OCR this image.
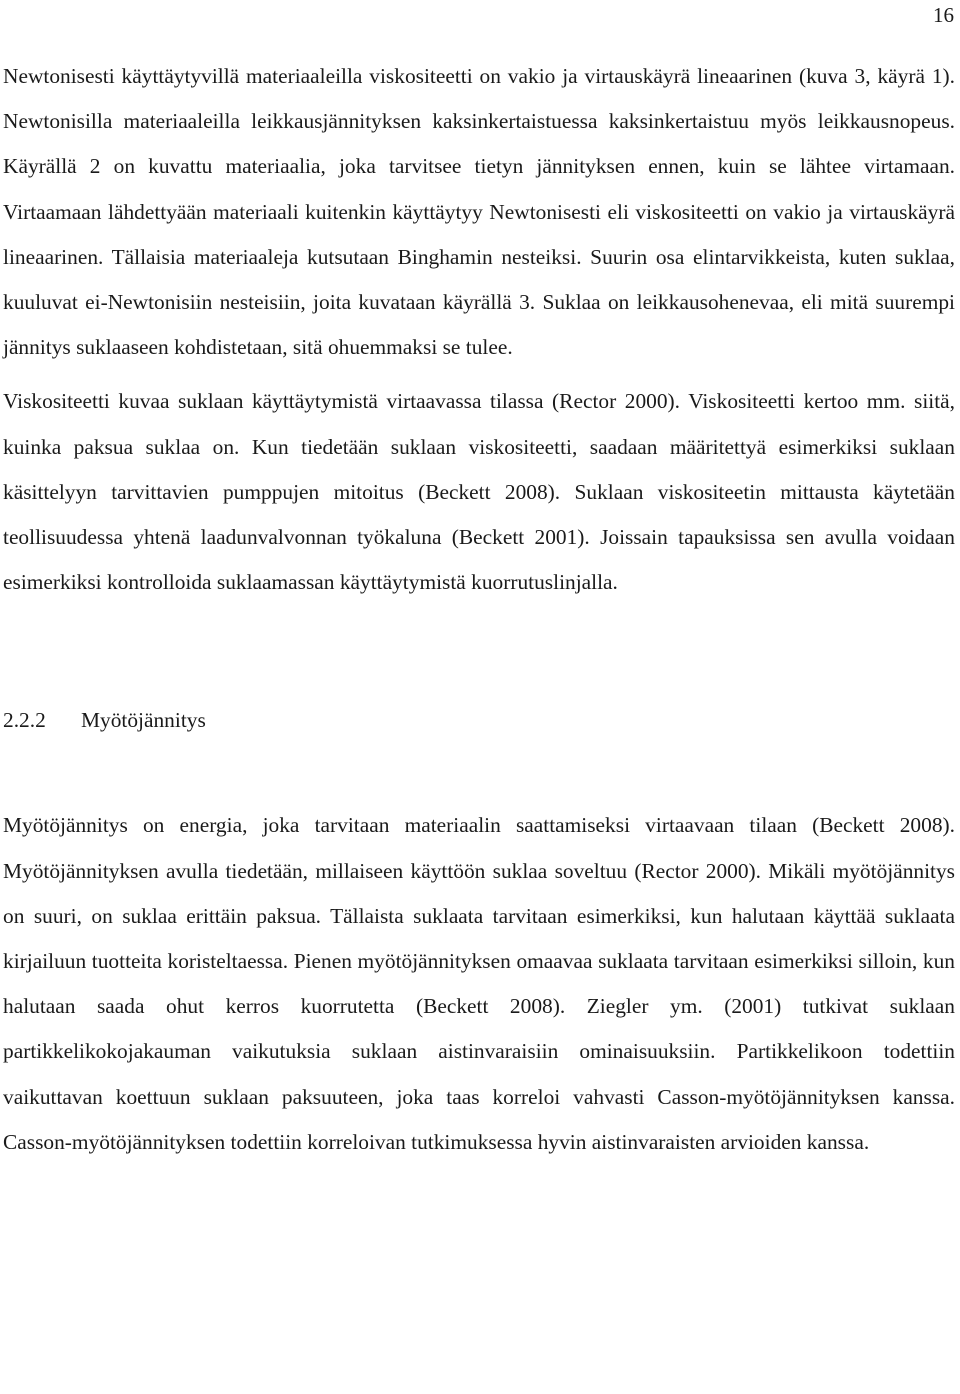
16

Newtonisesti käyttäytyvillä materiaaleilla viskositeetti on vakio ja virtauskäyrä lineaarinen (kuva 3, käyrä 1). Newtonisilla materiaaleilla leikkausjännityksen kaksinkertaistuessa kaksinkertaistuu myös leikkausnopeus. Käyrällä 2 on kuvattu materiaalia, joka tarvitsee tietyn jännityksen ennen, kuin se lähtee virtamaan. Virtaamaan lähdettyään materiaali kuitenkin käyttäytyy Newtonisesti eli viskositeetti on vakio ja virtauskäyrä lineaarinen. Tällaisia materiaaleja kutsutaan Binghamin nesteiksi. Suurin osa elintarvikkeista, kuten suklaa, kuuluvat ei-Newtonisiin nesteisiin, joita kuvataan käyrällä 3. Suklaa on leikkausohenevaa, eli mitä suurempi jännitys suklaaseen kohdistetaan, sitä ohuemmaksi se tulee.

Viskositeetti kuvaa suklaan käyttäytymistä virtaavassa tilassa (Rector 2000). Viskositeetti kertoo mm. siitä, kuinka paksua suklaa on. Kun tiedetään suklaan viskositeetti, saadaan määritettyä esimerkiksi suklaan käsittelyyn tarvittavien pumppujen mitoitus (Beckett 2008). Suklaan viskositeetin mittausta käytetään teollisuudessa yhtenä laadunvalvonnan työkaluna (Beckett 2001). Joissain tapauksissa sen avulla voidaan esimerkiksi kontrolloida suklaamassan käyttäytymistä kuorrutuslinjalla.

2.2.2	Myötöjännitys

Myötöjännitys on energia, joka tarvitaan materiaalin saattamiseksi virtaavaan tilaan (Beckett 2008). Myötöjännityksen avulla tiedetään, millaiseen käyttöön suklaa soveltuu (Rector 2000). Mikäli myötöjännitys on suuri, on suklaa erittäin paksua. Tällaista suklaata tarvitaan esimerkiksi, kun halutaan käyttää suklaata kirjailuun tuotteita koristeltaessa. Pienen myötöjännityksen omaavaa suklaata tarvitaan esimerkiksi silloin, kun halutaan saada ohut kerros kuorrutetta (Beckett 2008). Ziegler ym. (2001) tutkivat suklaan partikkelikokojakauman vaikutuksia suklaan aistinvaraisiin ominaisuuksiin. Partikkelikoon todettiin vaikuttavan koettuun suklaan paksuuteen, joka taas korreloi vahvasti Casson-myötöjännityksen kanssa. Casson-myötöjännityksen todettiin korreloivan tutkimuksessa hyvin aistinvaraisten arvioiden kanssa.
